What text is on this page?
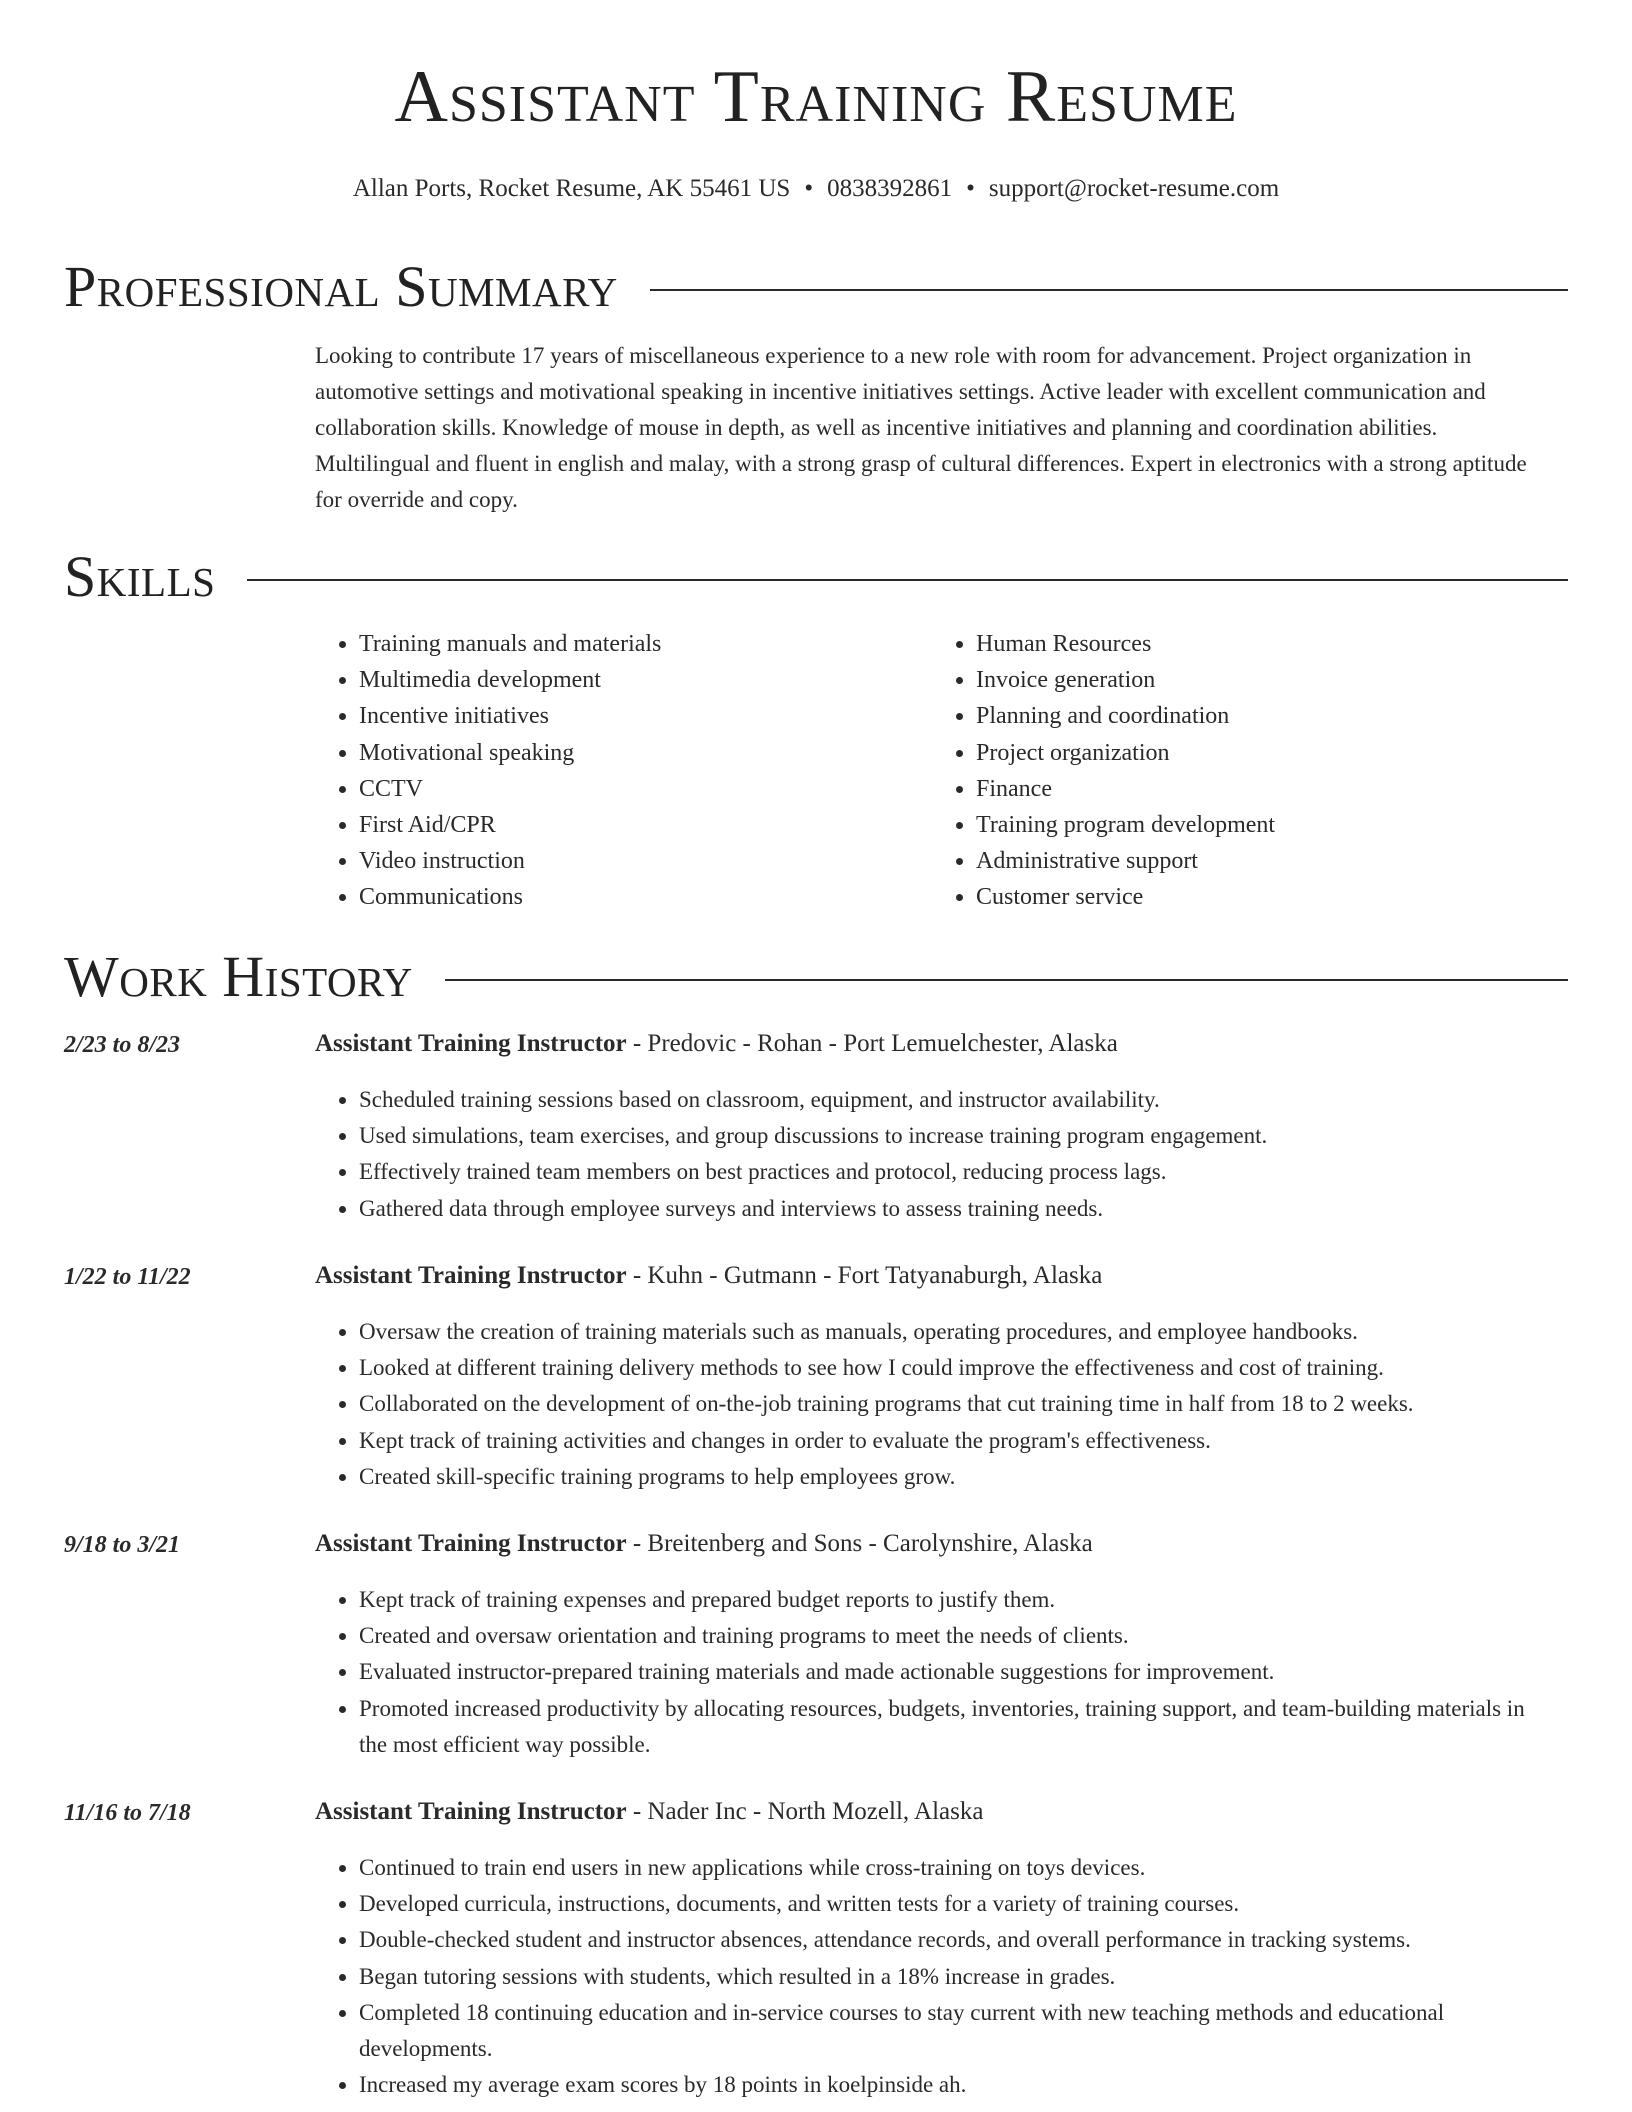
Assistant Training Resume
Allan Ports, Rocket Resume, AK 55461 US • 0838392861 • support@rocket-resume.com
Professional Summary

Looking to contribute 17 years of miscellaneous experience to a new role with room for advancement. Project organization in automotive settings and motivational speaking in incentive initiatives settings. Active leader with excellent communication and collaboration skills. Knowledge of mouse in depth, as well as incentive initiatives and planning and coordination abilities. Multilingual and fluent in english and malay, with a strong grasp of cultural differences. Expert in electronics with a strong aptitude for override and copy.

Skills
• Training manuals and materials
• Multimedia development
• Incentive initiatives
• Motivational speaking
• CCTV
• First Aid/CPR
• Video instruction
• Communications
• Human Resources
• Invoice generation
• Planning and coordination
• Project organization
• Finance
• Training program development
• Administrative support
• Customer service
Work History
2/23 to 8/23	Assistant Training Instructor - Predovic - Rohan - Port Lemuelchester, Alaska
• Scheduled training sessions based on classroom, equipment, and instructor availability.
• Used simulations, team exercises, and group discussions to increase training program engagement.
• Effectively trained team members on best practices and protocol, reducing process lags.
• Gathered data through employee surveys and interviews to assess training needs.
1/22 to 11/22	Assistant Training Instructor - Kuhn - Gutmann - Fort Tatyanaburgh, Alaska
• Oversaw the creation of training materials such as manuals, operating procedures, and employee handbooks.
• Looked at different training delivery methods to see how I could improve the effectiveness and cost of training.
• Collaborated on the development of on-the-job training programs that cut training time in half from 18 to 2 weeks.
• Kept track of training activities and changes in order to evaluate the program's effectiveness.
• Created skill-specific training programs to help employees grow.
9/18 to 3/21	Assistant Training Instructor - Breitenberg and Sons - Carolynshire, Alaska
• Kept track of training expenses and prepared budget reports to justify them.
• Created and oversaw orientation and training programs to meet the needs of clients.
• Evaluated instructor-prepared training materials and made actionable suggestions for improvement.
• Promoted increased productivity by allocating resources, budgets, inventories, training support, and team-building materials in the most efficient way possible.
11/16 to 7/18	Assistant Training Instructor - Nader Inc - North Mozell, Alaska
• Continued to train end users in new applications while cross-training on toys devices.
• Developed curricula, instructions, documents, and written tests for a variety of training courses.
• Double-checked student and instructor absences, attendance records, and overall performance in tracking systems.
• Began tutoring sessions with students, which resulted in a 18% increase in grades.
• Completed 18 continuing education and in-service courses to stay current with new teaching methods and educational developments.
• Increased my average exam scores by 18 points in koelpinside ah.
